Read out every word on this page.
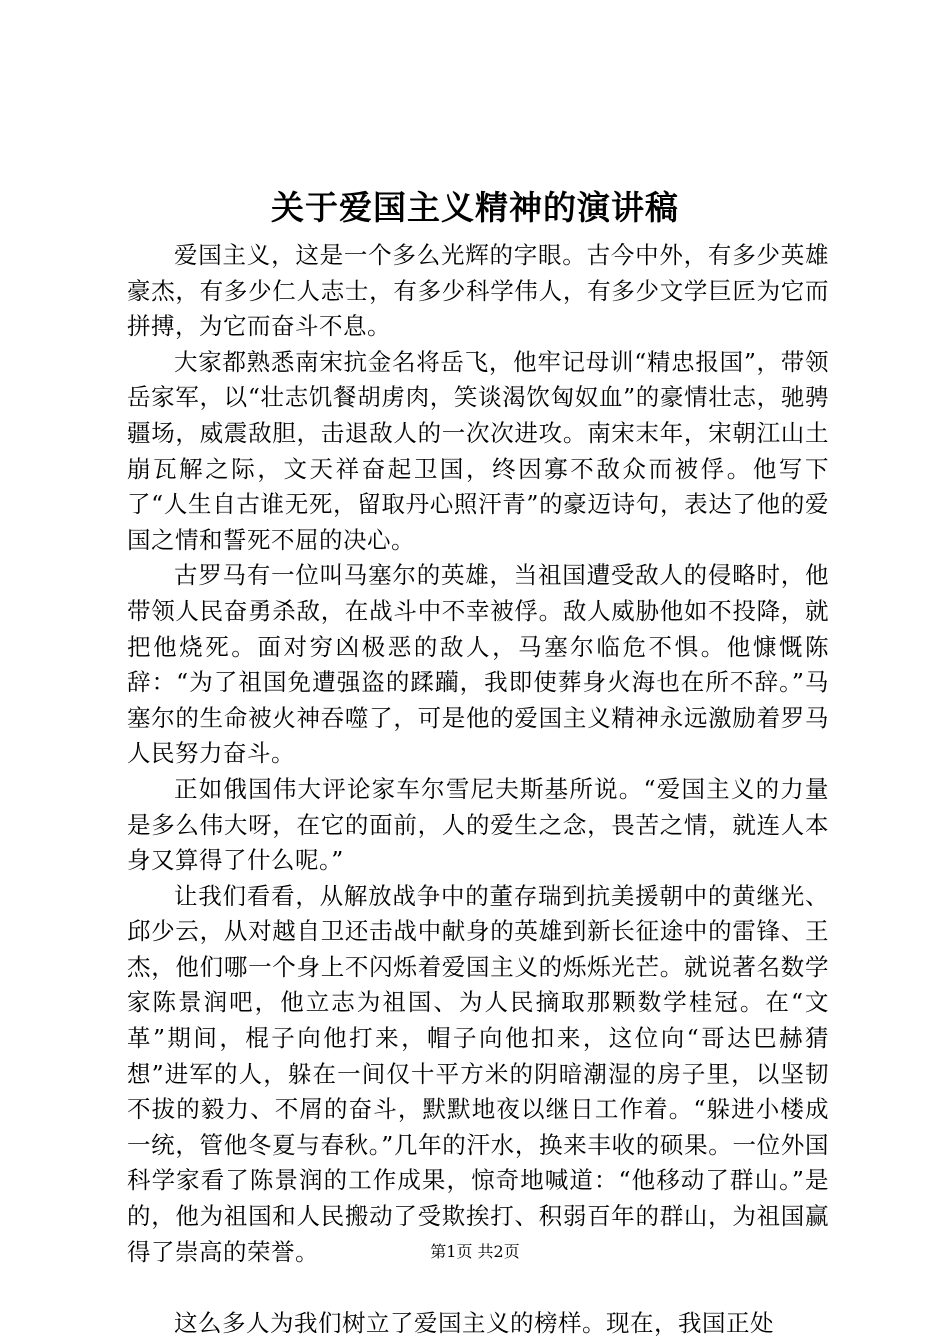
关于爱国主义精神的演讲稿

爱国主义，这是一个多么光辉的字眼。古今中外，有多少英雄豪杰，有多少仁人志士，有多少科学伟人，有多少文学巨匠为它而拼搏，为它而奋斗不息。

大家都熟悉南宋抗金名将岳飞，他牢记母训“精忠报国”，带领岳家军，以“壮志饥餐胡虏肉，笑谈渴饮匈奴血”的豪情壮志，驰骋疆场，威震敌胆，击退敌人的一次次进攻。南宋末年，宋朝江山土崩瓦解之际，文天祥奋起卫国，终因寡不敌众而被俘。他写下了“人生自古谁无死，留取丹心照汗青”的豪迈诗句，表达了他的爱国之情和誓死不屈的决心。

古罗马有一位叫马塞尔的英雄，当祖国遭受敌人的侵略时，他带领人民奋勇杀敌，在战斗中不幸被俘。敌人威胁他如不投降，就把他烧死。面对穷凶极恶的敌人，马塞尔临危不惧。他慷慨陈辞：“为了祖国免遭强盗的蹂躏，我即使葬身火海也在所不辞。”马塞尔的生命被火神吞噬了，可是他的爱国主义精神永远激励着罗马人民努力奋斗。

正如俄国伟大评论家车尔雪尼夫斯基所说。“爱国主义的力量是多么伟大呀，在它的面前，人的爱生之念，畏苦之情，就连人本身又算得了什么呢。”

让我们看看，从解放战争中的董存瑞到抗美援朝中的黄继光、邱少云，从对越自卫还击战中献身的英雄到新长征途中的雷锋、王杰，他们哪一个身上不闪烁着爱国主义的烁烁光芒。就说著名数学家陈景润吧，他立志为祖国、为人民摘取那颗数学桂冠。在“文革”期间，棍子向他打来，帽子向他扣来，这位向“哥达巴赫猜想”进军的人，躲在一间仅十平方米的阴暗潮湿的房子里，以坚韧不拔的毅力、不屑的奋斗，默默地夜以继日工作着。“躲进小楼成一统，管他冬夏与春秋。”几年的汗水，换来丰收的硕果。一位外国科学家看了陈景润的工作成果，惊奇地喊道：“他移动了群山。”是的，他为祖国和人民搬动了受欺挨打、积弱百年的群山，为祖国赢得了崇高的荣誉。

这么多人为我们树立了爱国主义的榜样。现在，我国正处

第1页 共2页
